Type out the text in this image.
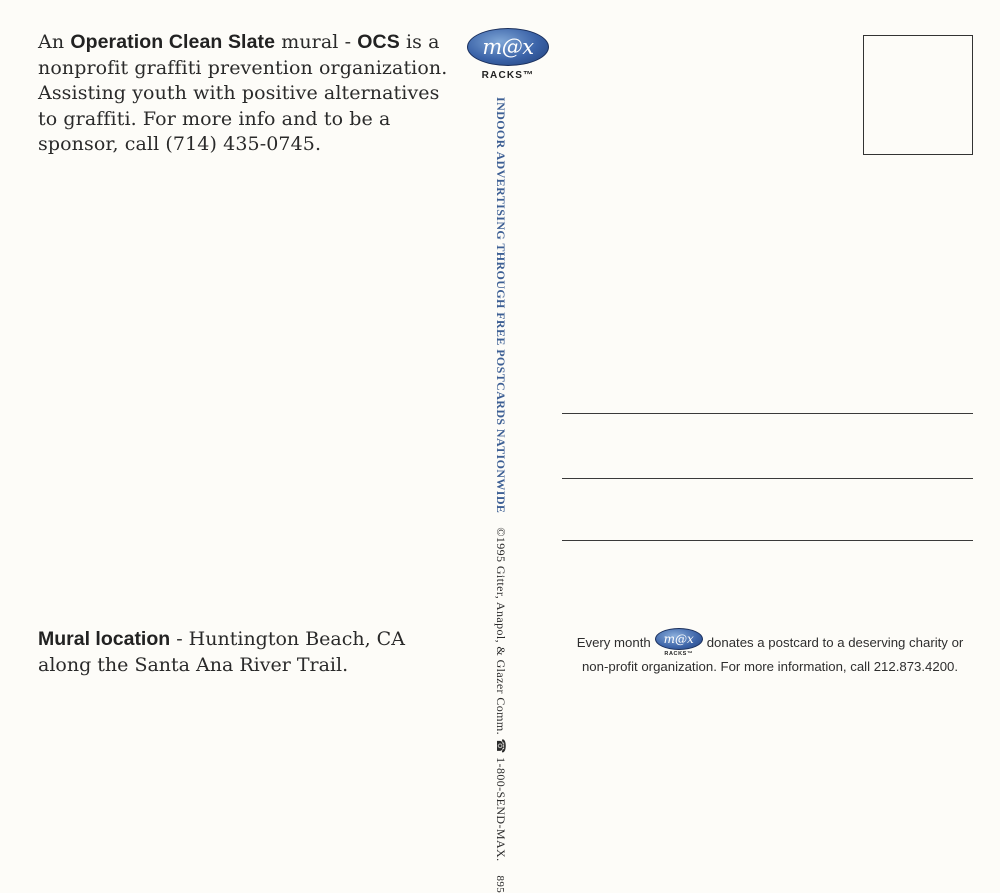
An Operation Clean Slate mural - OCS is a nonprofit graffiti prevention organization. Assisting youth with positive alternatives to graffiti. For more info and to be a sponsor, call (714) 435-0745.
Mural location - Huntington Beach, CA along the Santa Ana River Trail.
m@x
RACKS™
INDOOR ADVERTISING THROUGH FREE POSTCARDS NATIONWIDE
©1995 Gitter, Anapol, & Glazer Comm. ☎ 1-800-SEND-MAX.
895
Every month	m@x
RACKS™
donates a postcard to a deserving charity or
non-profit organization. For more information, call 212.873.4200.
